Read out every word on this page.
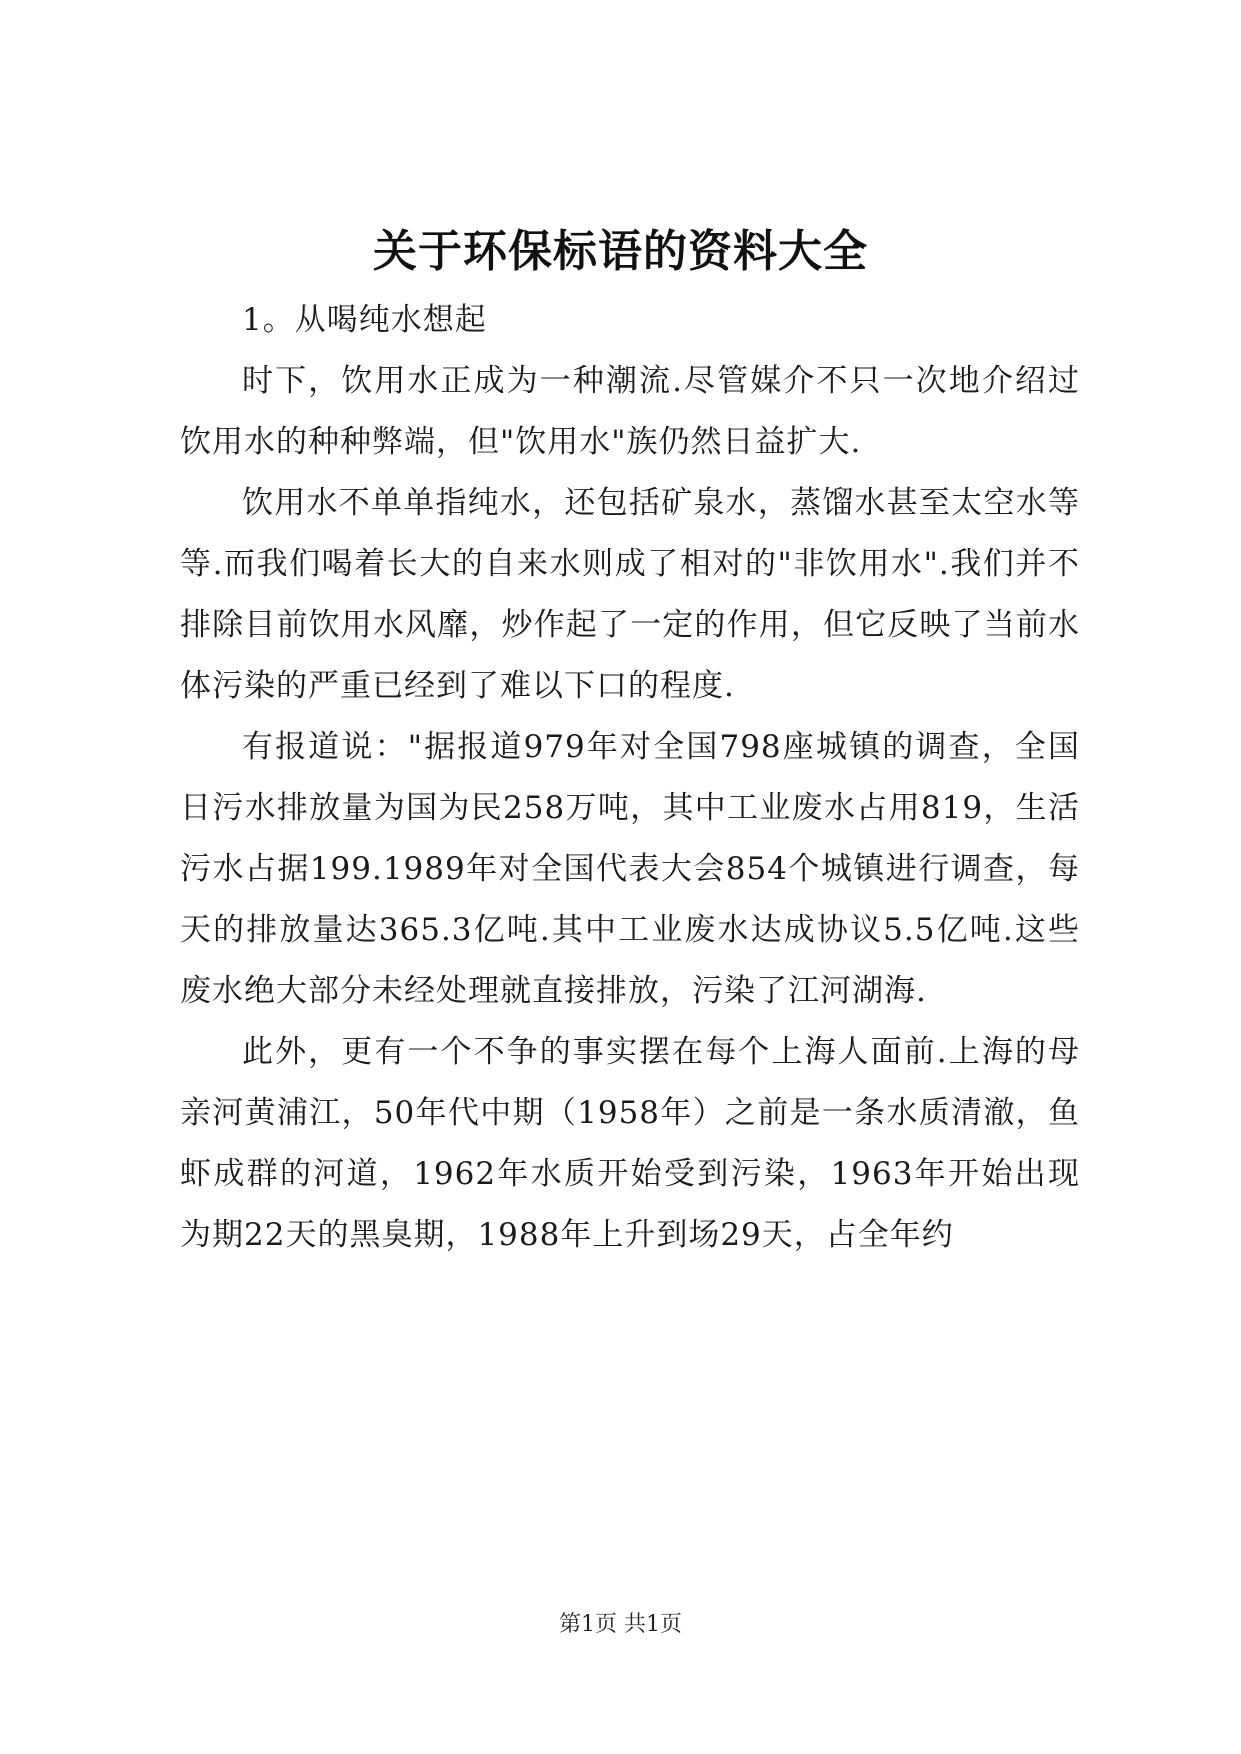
关于环保标语的资料大全

1。从喝纯水想起

时下，饮用水正成为一种潮流.尽管媒介不只一次地介绍过饮用水的种种弊端，但"饮用水"族仍然日益扩大.

饮用水不单单指纯水，还包括矿泉水，蒸馏水甚至太空水等等.而我们喝着长大的自来水则成了相对的"非饮用水".我们并不排除目前饮用水风靡，炒作起了一定的作用，但它反映了当前水体污染的严重已经到了难以下口的程度.

有报道说："据报道979年对全国798座城镇的调查，全国日污水排放量为国为民258万吨，其中工业废水占用819，生活污水占据199.1989年对全国代表大会854个城镇进行调查，每天的排放量达365.3亿吨.其中工业废水达成协议5.5亿吨.这些废水绝大部分未经处理就直接排放，污染了江河湖海.

此外，更有一个不争的事实摆在每个上海人面前.上海的母亲河黄浦江，50年代中期（1958年）之前是一条水质清澈，鱼虾成群的河道，1962年水质开始受到污染，1963年开始出现为期22天的黑臭期，1988年上升到场29天，占全年约

第1页 共1页
